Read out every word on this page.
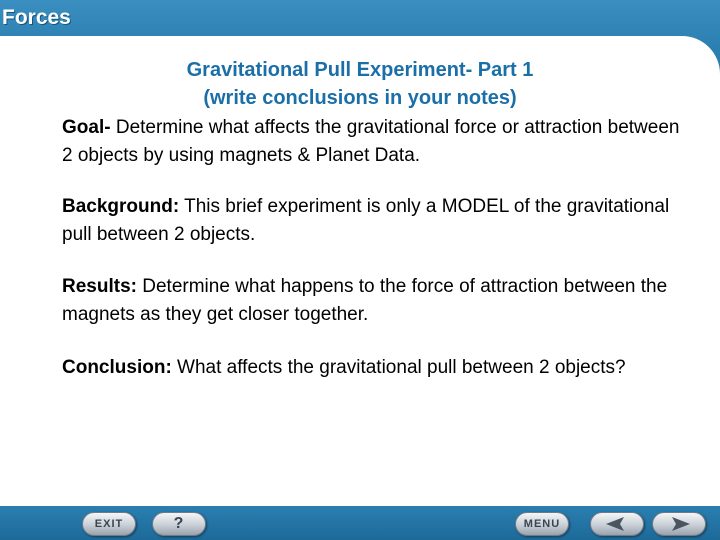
Forces
Gravitational Pull Experiment- Part 1
(write conclusions in your notes)
Goal- Determine what affects the gravitational force or attraction between 2 objects by using magnets & Planet Data.
Background: This brief experiment is only a MODEL of the gravitational pull between 2 objects.
Results: Determine what happens to the force of attraction between the magnets as they get closer together.
Conclusion: What affects the gravitational pull between 2 objects?
EXIT	?	MENU
